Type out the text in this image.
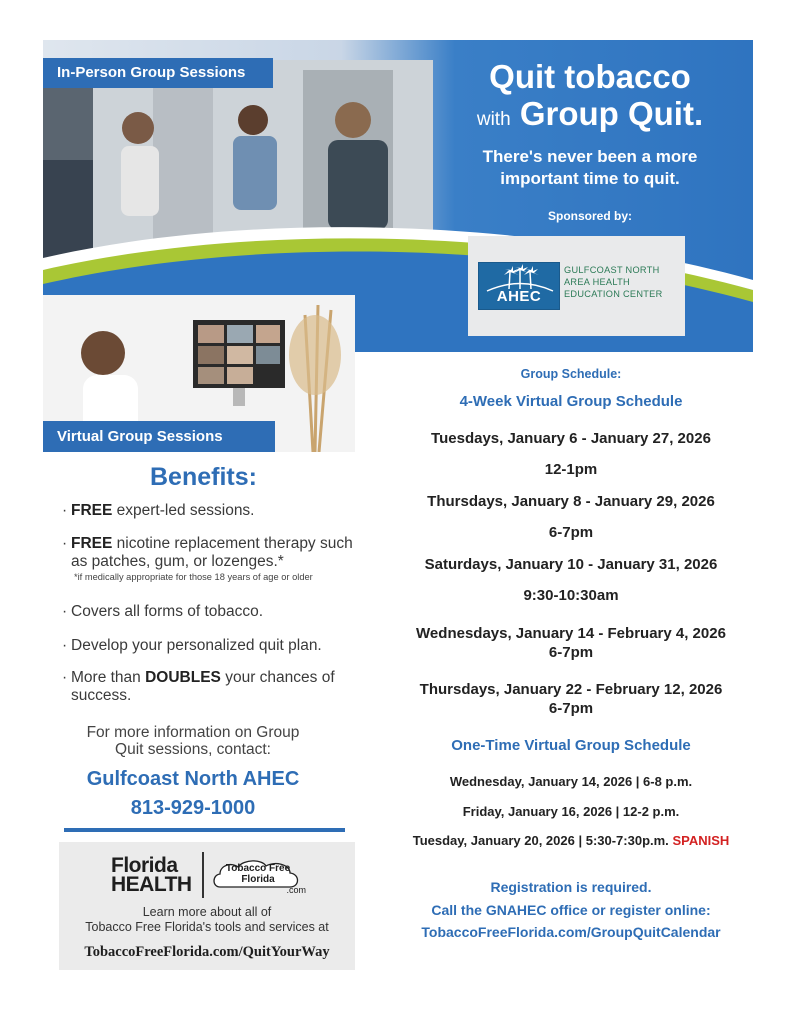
In-Person Group Sessions	Quit tobacco
with Group Quit.
There's never been a more
important time to quit.
Sponsored by:
AHEC
GULFCOAST NORTH
AREA HEALTH
EDUCATION CENTER
Virtual Group Sessions
Benefits:
· FREE expert-led sessions.
· FREE nicotine replacement therapy such as patches, gum, or lozenges.*
*if medically appropriate for those 18 years of age or older
· Covers all forms of tobacco.
· Develop your personalized quit plan.
· More than DOUBLES your chances of success.
For more information on Group
Quit sessions, contact:
Gulfcoast North AHEC
813-929-1000
Florida
HEALTH
Tobacco Free
Florida
.com
Learn more about all of
Tobacco Free Florida's tools and services at
TobaccoFreeFlorida.com/QuitYourWay
Group Schedule:
4-Week Virtual Group Schedule
Tuesdays, January 6 - January 27, 2026
12-1pm
Thursdays, January 8 - January 29, 2026
6-7pm
Saturdays, January 10 - January 31, 2026
9:30-10:30am
Wednesdays, January 14 - February 4, 2026
6-7pm
Thursdays, January 22 - February 12, 2026
6-7pm
One-Time Virtual Group Schedule
Wednesday, January 14, 2026 | 6-8 p.m.
Friday, January 16, 2026 | 12-2 p.m.
Tuesday, January 20, 2026 | 5:30-7:30p.m. SPANISH
Registration is required.
Call the GNAHEC office or register online:
TobaccoFreeFlorida.com/GroupQuitCalendar
